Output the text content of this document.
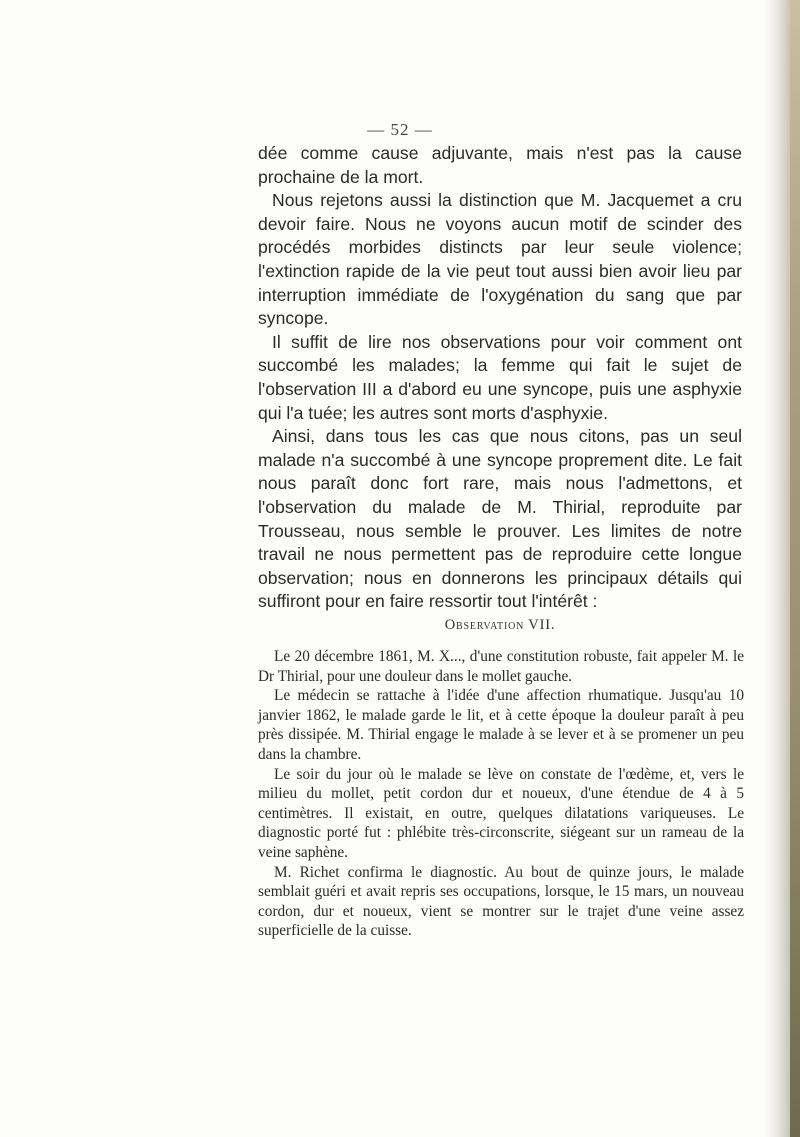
— 52 —

dée comme cause adjuvante, mais n'est pas la cause prochaine de la mort.

Nous rejetons aussi la distinction que M. Jacquemet a cru devoir faire. Nous ne voyons aucun motif de scinder des procédés morbides distincts par leur seule violence; l'extinction rapide de la vie peut tout aussi bien avoir lieu par interruption immédiate de l'oxygénation du sang que par syncope.

Il suffit de lire nos observations pour voir comment ont succombé les malades; la femme qui fait le sujet de l'observation III a d'abord eu une syncope, puis une asphyxie qui l'a tuée; les autres sont morts d'asphyxie.

Ainsi, dans tous les cas que nous citons, pas un seul malade n'a succombé à une syncope proprement dite. Le fait nous paraît donc fort rare, mais nous l'admettons, et l'observation du malade de M. Thirial, reproduite par Trousseau, nous semble le prouver. Les limites de notre travail ne nous permettent pas de reproduire cette longue observation; nous en donnerons les principaux détails qui suffiront pour en faire ressortir tout l'intérêt :

Observation VII.

Le 20 décembre 1861, M. X..., d'une constitution robuste, fait appeler M. le Dr Thirial, pour une douleur dans le mollet gauche.

Le médecin se rattache à l'idée d'une affection rhumatique. Jusqu'au 10 janvier 1862, le malade garde le lit, et à cette époque la douleur paraît à peu près dissipée. M. Thirial engage le malade à se lever et à se promener un peu dans la chambre.

Le soir du jour où le malade se lève on constate de l'œdème, et, vers le milieu du mollet, petit cordon dur et noueux, d'une étendue de 4 à 5 centimètres. Il existait, en outre, quelques dilatations variqueuses. Le diagnostic porté fut : phlébite très-circonscrite, siégeant sur un rameau de la veine saphène.

M. Richet confirma le diagnostic. Au bout de quinze jours, le malade semblait guéri et avait repris ses occupations, lorsque, le 15 mars, un nouveau cordon, dur et noueux, vient se montrer sur le trajet d'une veine assez superficielle de la cuisse.
